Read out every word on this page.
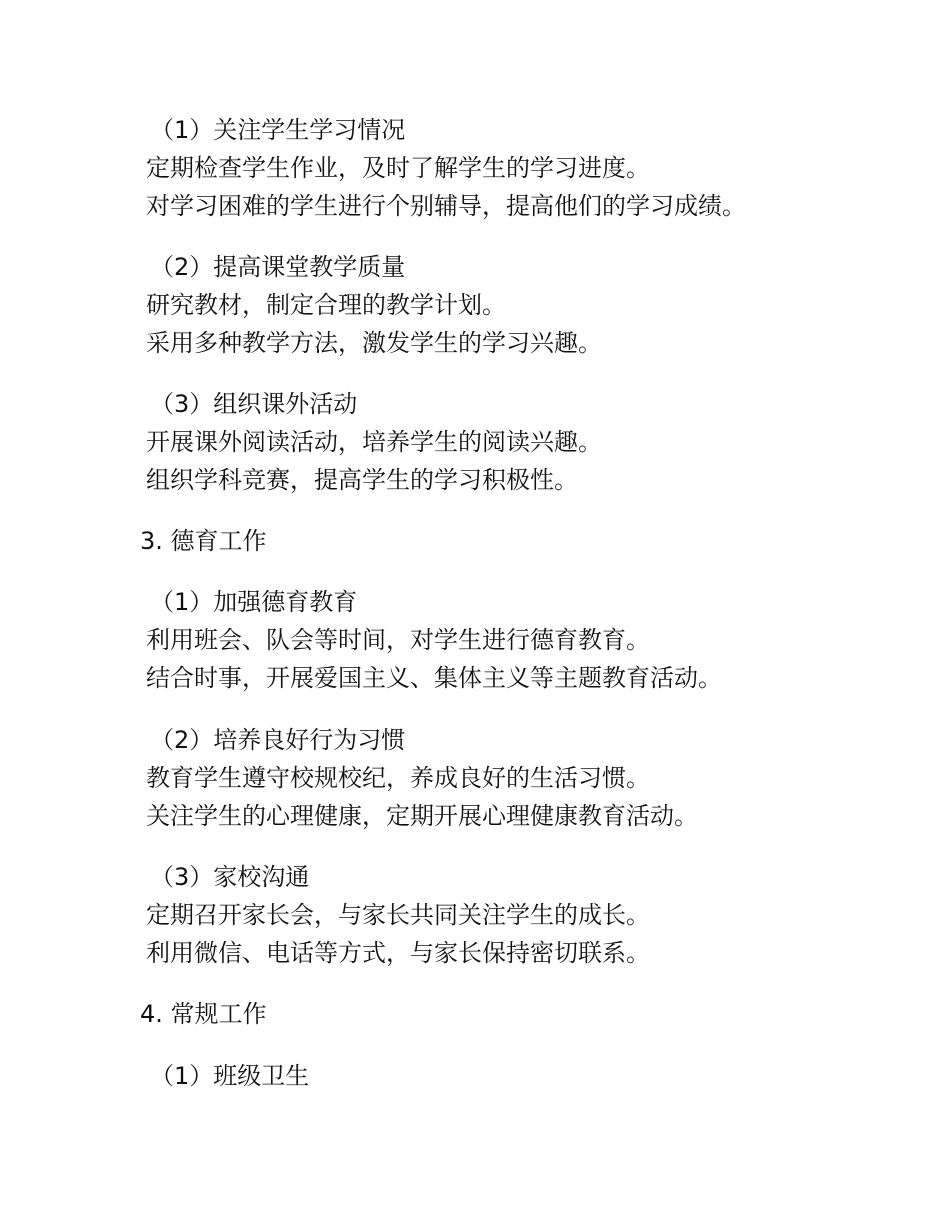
（1）关注学生学习情况
定期检查学生作业，及时了解学生的学习进度。
对学习困难的学生进行个别辅导，提高他们的学习成绩。
（2）提高课堂教学质量
研究教材，制定合理的教学计划。
采用多种教学方法，激发学生的学习兴趣。
（3）组织课外活动
开展课外阅读活动，培养学生的阅读兴趣。
组织学科竞赛，提高学生的学习积极性。
3. 德育工作
（1）加强德育教育
利用班会、队会等时间，对学生进行德育教育。
结合时事，开展爱国主义、集体主义等主题教育活动。
（2）培养良好行为习惯
教育学生遵守校规校纪，养成良好的生活习惯。
关注学生的心理健康，定期开展心理健康教育活动。
（3）家校沟通
定期召开家长会，与家长共同关注学生的成长。
利用微信、电话等方式，与家长保持密切联系。
4. 常规工作
（1）班级卫生
